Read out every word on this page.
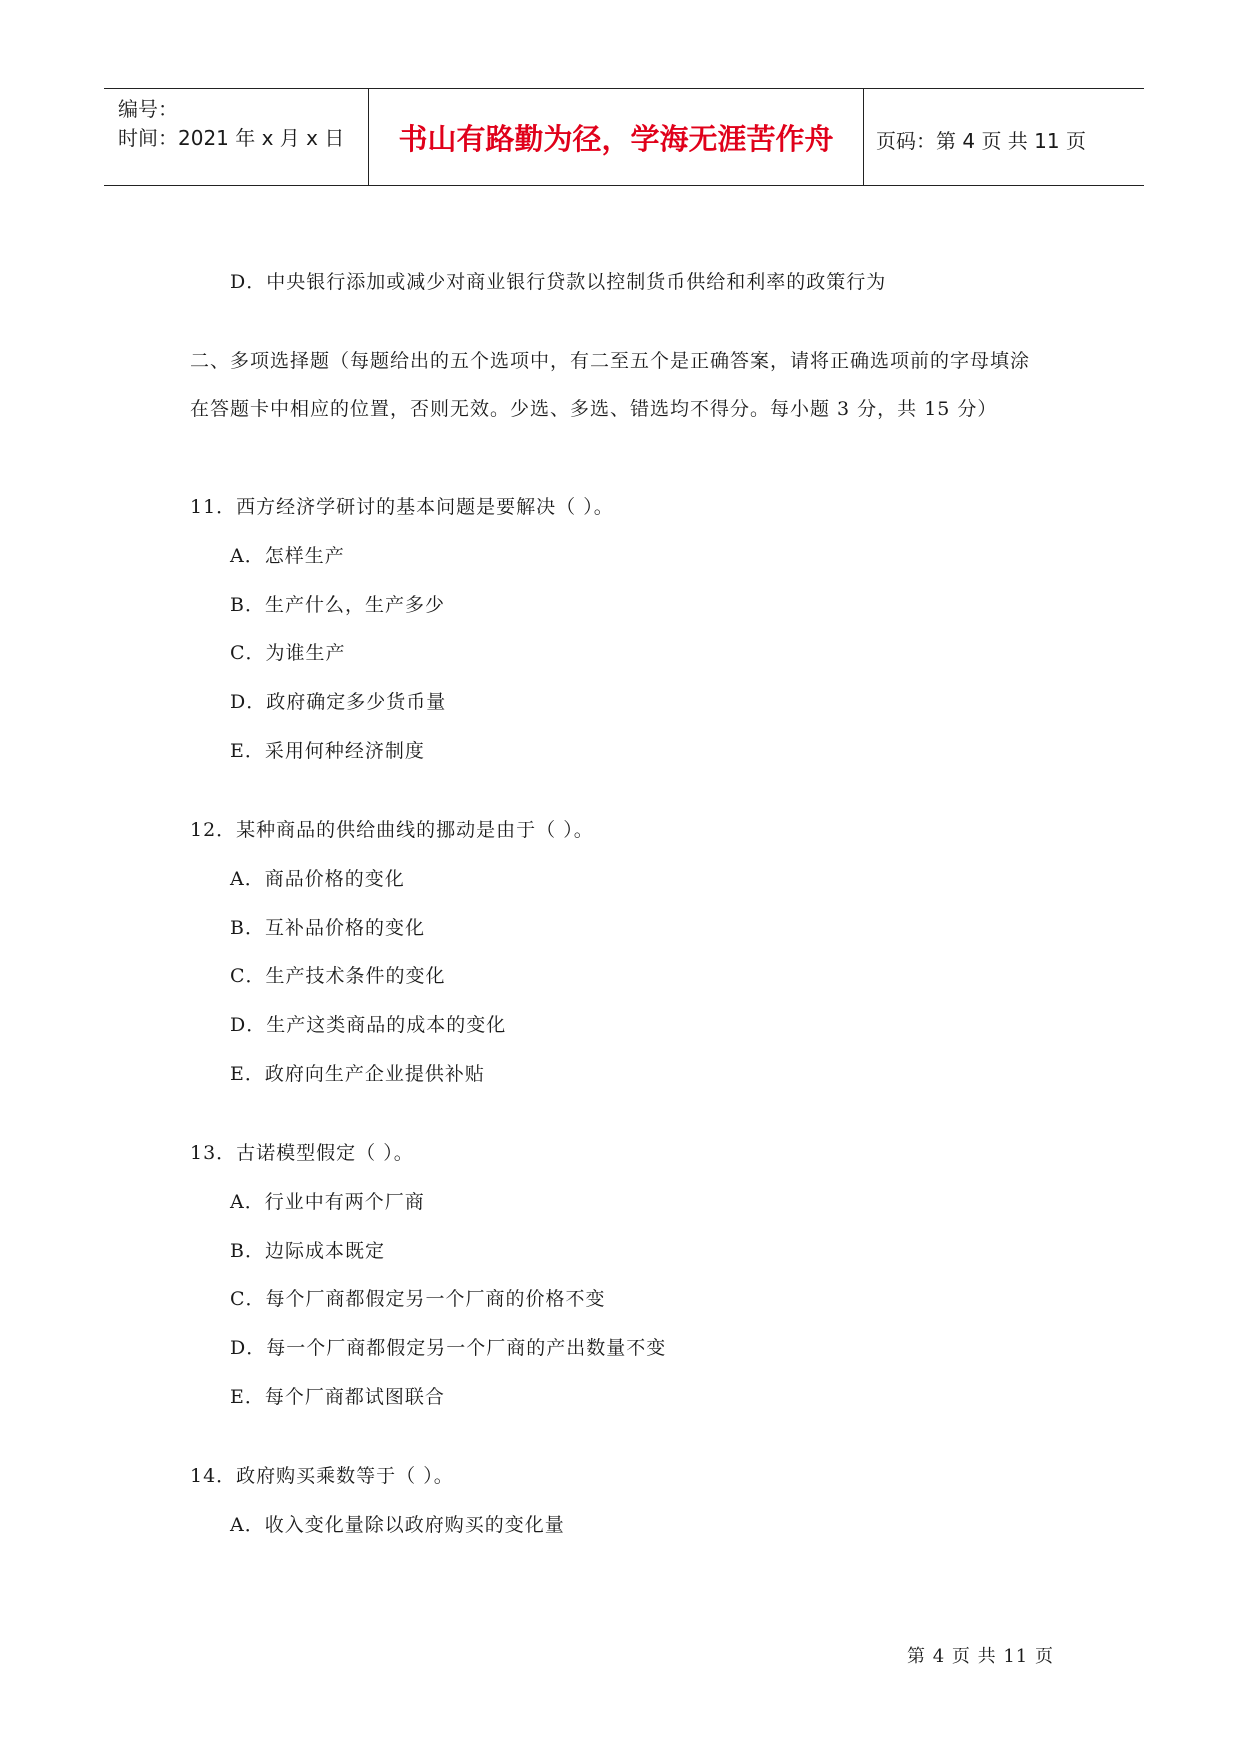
编号：
时间：2021 年 x 月 x 日	书山有路勤为径，学海无涯苦作舟	页码：第 4 页 共 11 页
D．中央银行添加或减少对商业银行贷款以控制货币供给和利率的政策行为
二、多项选择题（每题给出的五个选项中，有二至五个是正确答案，请将正确选项前的字母填涂
在答题卡中相应的位置，否则无效。少选、多选、错选均不得分。每小题 3 分，共 15 分）
11．西方经济学研讨的基本问题是要解决（ ）。
A．怎样生产
B．生产什么，生产多少
C．为谁生产
D．政府确定多少货币量
E．采用何种经济制度
12．某种商品的供给曲线的挪动是由于（ ）。
A．商品价格的变化
B．互补品价格的变化
C．生产技术条件的变化
D．生产这类商品的成本的变化
E．政府向生产企业提供补贴
13．古诺模型假定（ ）。
A．行业中有两个厂商
B．边际成本既定
C．每个厂商都假定另一个厂商的价格不变
D．每一个厂商都假定另一个厂商的产出数量不变
E．每个厂商都试图联合
14．政府购买乘数等于（ ）。
A．收入变化量除以政府购买的变化量
第 4 页 共 11 页
